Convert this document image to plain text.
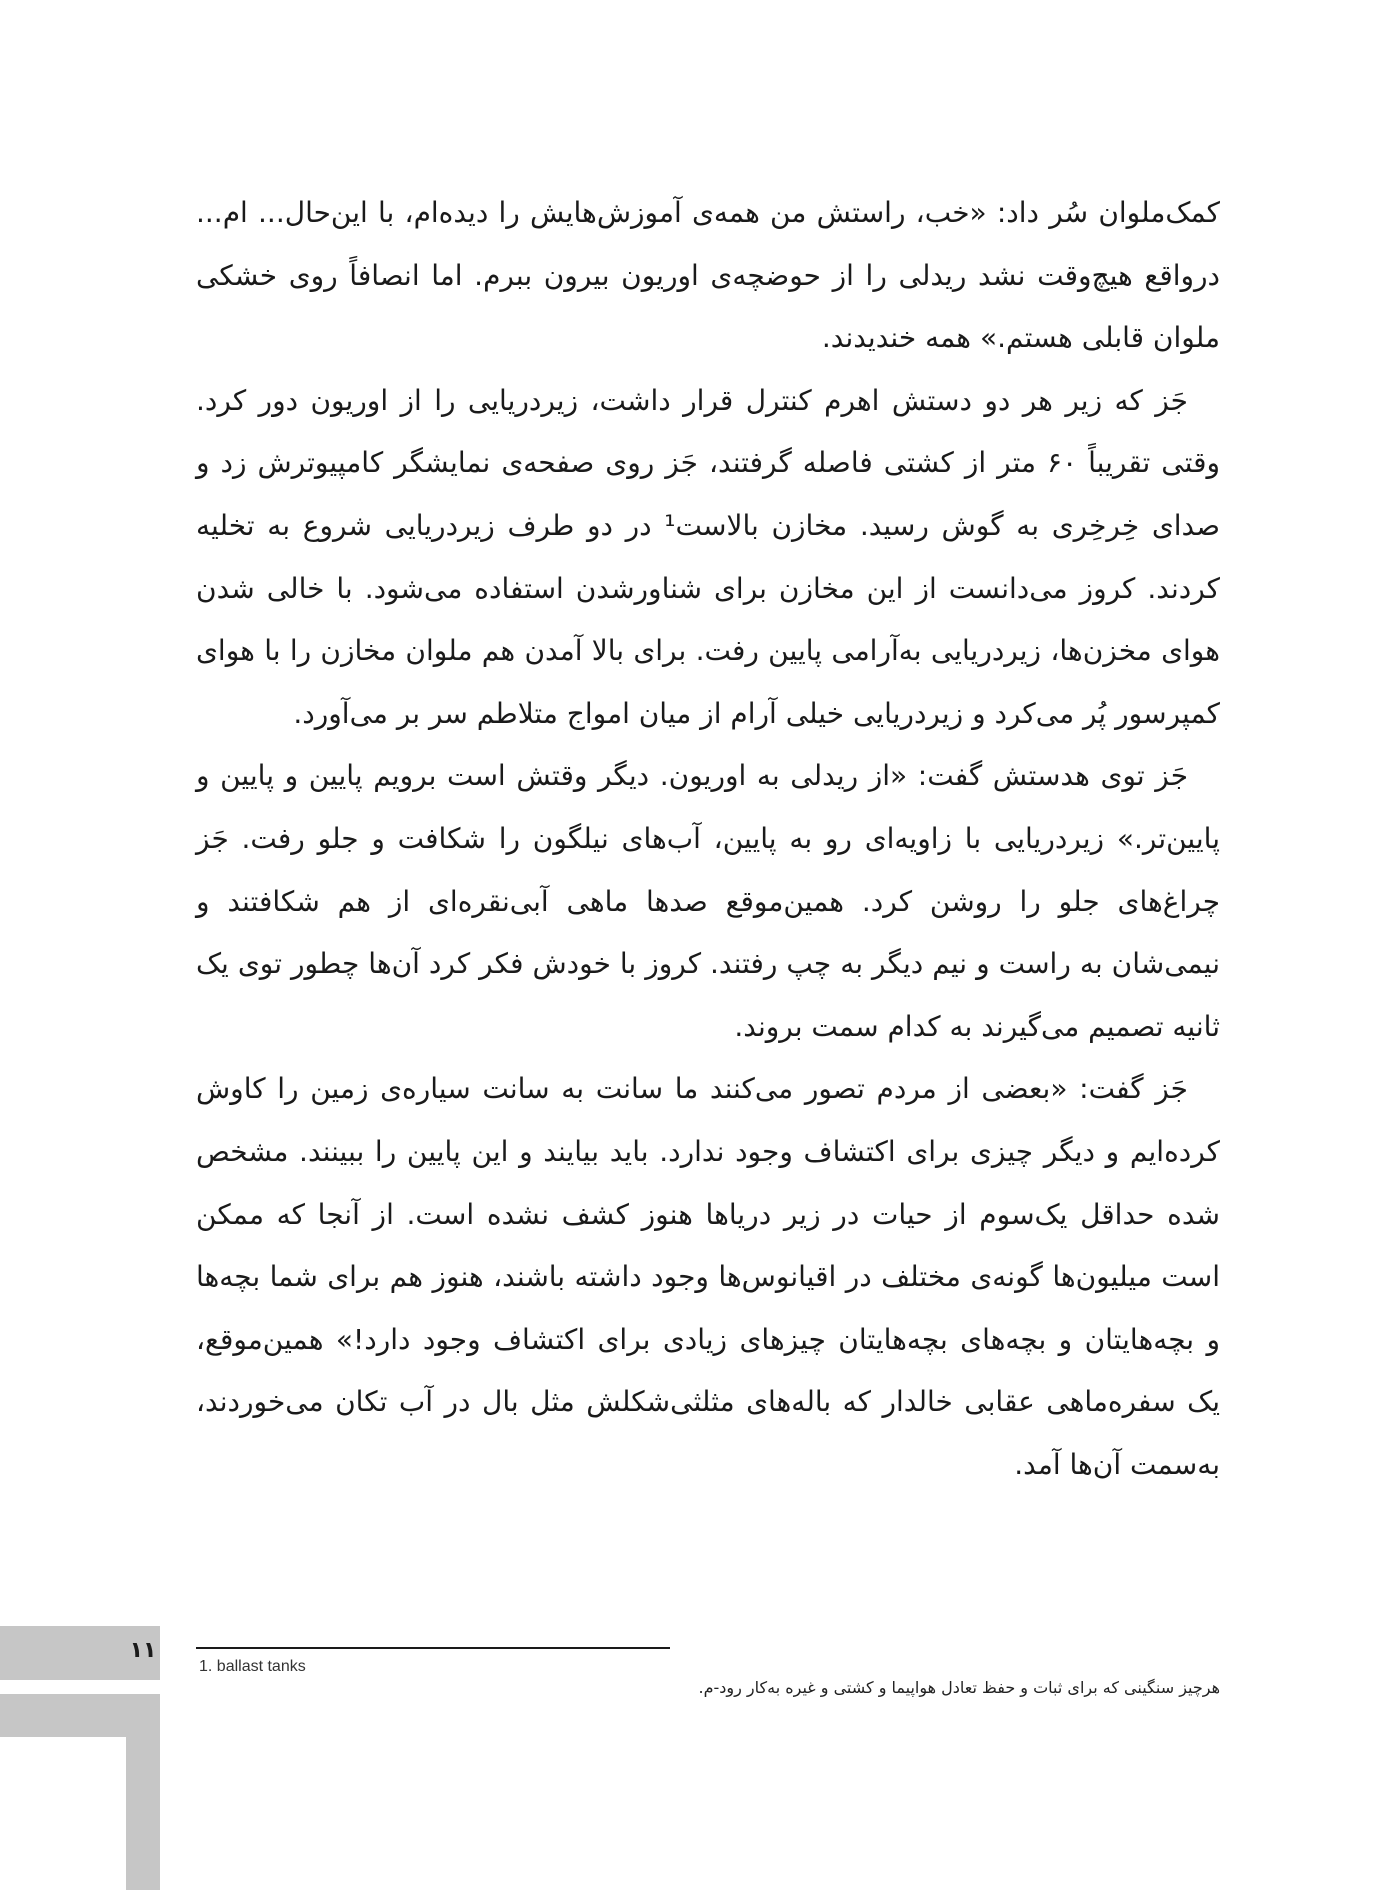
کمک‌ملوان سُر داد: «خب، راستش من همه‌ی آموزش‌هایش را دیده‌ام، با این‌حال... ام... درواقع هیچ‌وقت نشد ریدلی را از حوضچه‌ی اوریون بیرون ببرم. اما انصافاً روی خشکی ملوان قابلی هستم.» همه خندیدند.

جَز که زیر هر دو دستش اهرم کنترل قرار داشت، زیردریایی را از اوریون دور کرد. وقتی تقریباً ۶۰ متر از کشتی فاصله گرفتند، جَز روی صفحه‌ی نمایشگر کامپیوترش زد و صدای خِرخِری به گوش رسید. مخازن بالاست¹ در دو طرف زیردریایی شروع به تخلیه کردند. کروز می‌دانست از این مخازن برای شناورشدن استفاده می‌شود. با خالی شدن هوای مخزن‌ها، زیردریایی به‌آرامی پایین رفت. برای بالا آمدن هم ملوان مخازن را با هوای کمپرسور پُر می‌کرد و زیردریایی خیلی آرام از میان امواج متلاطم سر بر می‌آورد.

جَز توی هدستش گفت: «از ریدلی به اوریون. دیگر وقتش است برویم پایین و پایین و پایین‌تر.» زیردریایی با زاویه‌ای رو به پایین، آب‌های نیلگون را شکافت و جلو رفت. جَز چراغ‌های جلو را روشن کرد. همین‌موقع صدها ماهی آبی‌نقره‌ای از هم شکافتند و نیمی‌شان به راست و نیم دیگر به چپ رفتند. کروز با خودش فکر کرد آن‌ها چطور توی یک ثانیه تصمیم می‌گیرند به کدام سمت بروند.

جَز گفت: «بعضی از مردم تصور می‌کنند ما سانت به سانت سیاره‌ی زمین را کاوش کرده‌ایم و دیگر چیزی برای اکتشاف وجود ندارد. باید بیایند و این پایین را ببینند. مشخص شده حداقل یک‌سوم از حیات در زیر دریاها هنوز کشف نشده است. از آنجا که ممکن است میلیون‌ها گونه‌ی مختلف در اقیانوس‌ها وجود داشته باشند، هنوز هم برای شما بچه‌ها و بچه‌هایتان و بچه‌های بچه‌هایتان چیزهای زیادی برای اکتشاف وجود دارد!» همین‌موقع، یک سفره‌ماهی عقابی خالدار که باله‌های مثلثی‌شکلش مثل بال در آب تکان می‌خوردند، به‌سمت آن‌ها آمد.

1. ballast tanks
هرچیز سنگینی که برای ثبات و حفظ تعادل هواپیما و کشتی و غیره به‌کار رود-م.
۱۱
